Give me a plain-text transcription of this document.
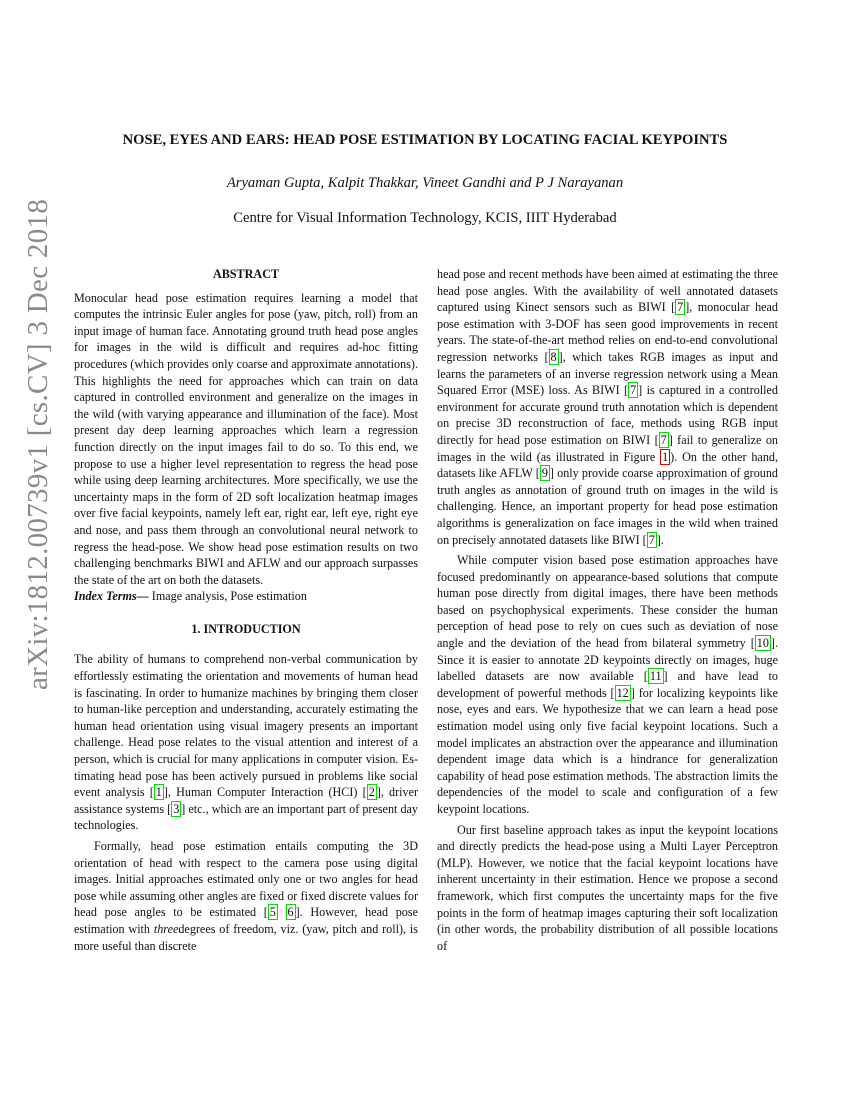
NOSE, EYES AND EARS: HEAD POSE ESTIMATION BY LOCATING FACIAL KEYPOINTS
Aryaman Gupta, Kalpit Thakkar, Vineet Gandhi and P J Narayanan
Centre for Visual Information Technology, KCIS, IIIT Hyderabad
arXiv:1812.00739v1 [cs.CV] 3 Dec 2018	ABSTRACT

Monocular head pose estimation requires learning a model that computes the intrinsic Euler angles for pose (yaw, pitch, roll) from an input image of human face. Annotating ground truth head pose angles for images in the wild is difficult and requires ad-hoc fitting procedures (which provides only coarse and approximate annotations). This highlights the need for approaches which can train on data captured in controlled environment and generalize on the images in the wild (with varying appearance and illumination of the face). Most present day deep learning approaches which learn a regression function directly on the input images fail to do so. To this end, we propose to use a higher level representation to regress the head pose while using deep learning architectures. More specifically, we use the uncertainty maps in the form of 2D soft localization heatmap images over five facial keypoints, namely left ear, right ear, left eye, right eye and nose, and pass them through an convolutional neural network to regress the head-pose. We show head pose estimation results on two challenging benchmarks BIWI and AFLW and our approach surpasses the state of the art on both the datasets.
Index Terms— Image analysis, Pose estimation

1. INTRODUCTION

The ability of humans to comprehend non-verbal communication by effortlessly estimating the orientation and movements of human head is fascinating. In order to humanize machines by bringing them closer to human-like perception and understanding, accurately estimating the human head orientation using visual imagery presents an important challenge. Head pose relates to the visual attention and interest of a person, which is crucial for many applications in computer vision. Estimating head pose has been actively pursued in problems like social event analysis [ 1 ], Human Computer Interaction (HCI) [ 2 ], driver assistance systems [ 3 ] etc., which are an important part of present day technologies.

Formally, head pose estimation entails computing the 3D orientation of head with respect to the camera pose using digital images. Initial approaches estimated only one or two angles for head pose while assuming other angles are fixed or fixed discrete values for head pose angles to be estimated [ 5 6 ]. However, head pose estimation with threedegrees of freedom, viz. (yaw, pitch and roll), is more useful than discrete

head pose and recent methods have been aimed at estimating the three head pose angles. With the availability of well annotated datasets captured using Kinect sensors such as BIWI [ 7 ], monocular head pose estimation with 3-DOF has seen good improvements in recent years. The state-of-the-art method relies on end-to-end convolutional regression networks [ 8 ], which takes RGB images as input and learns the parameters of an inverse regression network using a Mean Squared Error (MSE) loss. As BIWI [ 7 ] is captured in a controlled environment for accurate ground truth annotation which is dependent on precise 3D reconstruction of face, methods using RGB input directly for head pose estimation on BIWI [ 7 ] fail to generalize on images in the wild (as illustrated in Figure 1 ). On the other hand, datasets like AFLW [ 9 ] only provide coarse approximation of ground truth angles as annotation of ground truth on images in the wild is challenging. Hence, an important property for head pose estimation algorithms is generalization on face images in the wild when trained on precisely annotated datasets like BIWI [ 7 ].

While computer vision based pose estimation approaches have focused predominantly on appearance-based solutions that compute human pose directly from digital images, there have been methods based on psychophysical experiments. These consider the human perception of head pose to rely on cues such as deviation of nose angle and the deviation of the head from bilateral symmetry [ 10 ]. Since it is easier to annotate 2D keypoints directly on images, huge labelled datasets are now available [ 11 ] and have lead to development of powerful methods [ 12 ] for localizing keypoints like nose, eyes and ears. We hypothesize that we can learn a head pose estimation model using only five facial keypoint locations. Such a model implicates an abstraction over the appearance and illumination dependent image data which is a hindrance for generalization capability of head pose estimation methods. The abstraction limits the dependencies of the model to scale and configuration of a few keypoint locations.

Our first baseline approach takes as input the keypoint locations and directly predicts the head-pose using a Multi Layer Perceptron (MLP). However, we notice that the facial keypoint locations have inherent uncertainty in their estimation. Hence we propose a second framework, which first computes the uncertainty maps for the five points in the form of heatmap images capturing their soft localization (in other words, the probability distribution of all possible locations of
